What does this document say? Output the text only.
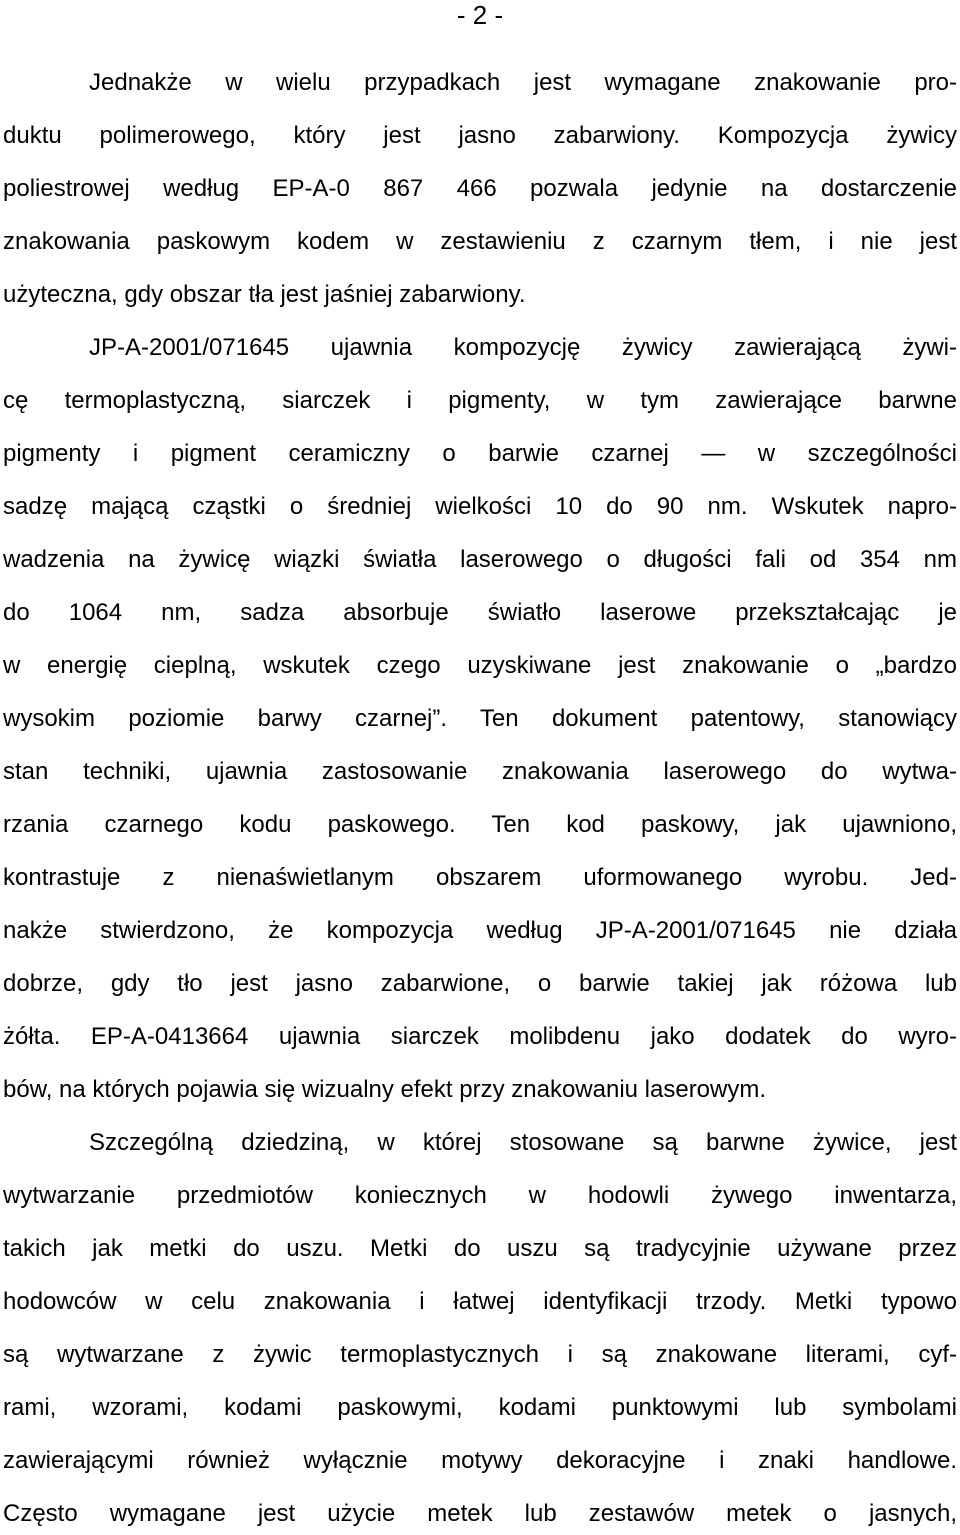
- 2 -
Jednakże w wielu przypadkach jest wymagane znakowanie pro-
duktu polimerowego, który jest jasno zabarwiony. Kompozycja żywicy
poliestrowej według EP-A-0 867 466 pozwala jedynie na dostarczenie
znakowania paskowym kodem w zestawieniu z czarnym tłem, i nie jest
użyteczna, gdy obszar tła jest jaśniej zabarwiony.
JP-A-2001/071645 ujawnia kompozycję żywicy zawierającą żywi-
cę termoplastyczną, siarczek i pigmenty, w tym zawierające barwne
pigmenty i pigment ceramiczny o barwie czarnej — w szczególności
sadzę mającą cząstki o średniej wielkości 10 do 90 nm. Wskutek napro-
wadzenia na żywicę wiązki światła laserowego o długości fali od 354 nm
do 1064 nm, sadza absorbuje światło laserowe przekształcając je
w energię cieplną, wskutek czego uzyskiwane jest znakowanie o „bardzo
wysokim poziomie barwy czarnej”. Ten dokument patentowy, stanowiący
stan techniki, ujawnia zastosowanie znakowania laserowego do wytwa-
rzania czarnego kodu paskowego. Ten kod paskowy, jak ujawniono,
kontrastuje z nienaświetlanym obszarem uformowanego wyrobu. Jed-
nakże stwierdzono, że kompozycja według JP-A-2001/071645 nie działa
dobrze, gdy tło jest jasno zabarwione, o barwie takiej jak różowa lub
żółta. EP-A-0413664 ujawnia siarczek molibdenu jako dodatek do wyro-
bów, na których pojawia się wizualny efekt przy znakowaniu laserowym.
Szczególną dziedziną, w której stosowane są barwne żywice, jest
wytwarzanie przedmiotów koniecznych w hodowli żywego inwentarza,
takich jak metki do uszu. Metki do uszu są tradycyjnie używane przez
hodowców w celu znakowania i łatwej identyfikacji trzody. Metki typowo
są wytwarzane z żywic termoplastycznych i są znakowane literami, cyf-
rami, wzorami, kodami paskowymi, kodami punktowymi lub symbolami
zawierającymi również wyłącznie motywy dekoracyjne i znaki handlowe.
Często wymagane jest użycie metek lub zestawów metek o jasnych,
